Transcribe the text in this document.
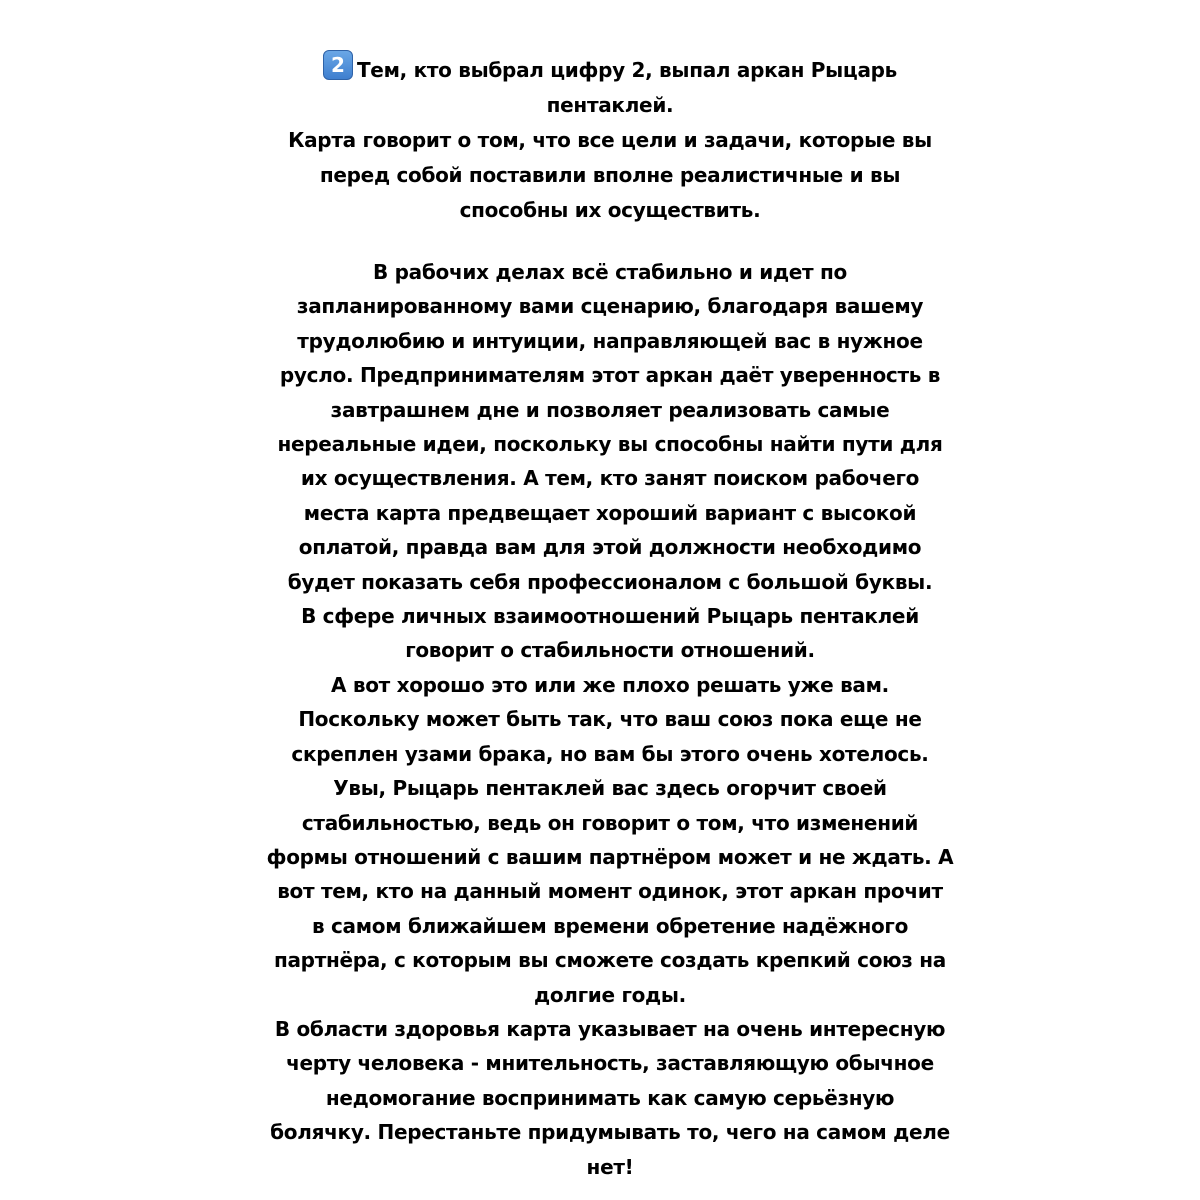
2 Тем, кто выбрал цифру 2, выпал аркан Рыцарь
пентаклей.
Карта говорит о том, что все цели и задачи, которые вы
перед собой поставили вполне реалистичные и вы
способны их осуществить.

В рабочих делах всё стабильно и идет по
запланированному вами сценарию, благодаря вашему
трудолюбию и интуиции, направляющей вас в нужное
русло. Предпринимателям этот аркан даёт уверенность в
завтрашнем дне и позволяет реализовать самые
нереальные идеи, поскольку вы способны найти пути для
их осуществления. А тем, кто занят поиском рабочего
места карта предвещает хороший вариант с высокой
оплатой, правда вам для этой должности необходимо
будет показать себя профессионалом с большой буквы.
В сфере личных взаимоотношений Рыцарь пентаклей
говорит о стабильности отношений.
А вот хорошо это или же плохо решать уже вам.
Поскольку может быть так, что ваш союз пока еще не
скреплен узами брака, но вам бы этого очень хотелось.
Увы, Рыцарь пентаклей вас здесь огорчит своей
стабильностью, ведь он говорит о том, что изменений
формы отношений с вашим партнёром может и не ждать. А
вот тем, кто на данный момент одинок, этот аркан прочит
в самом ближайшем времени обретение надёжного
партнёра, с которым вы сможете создать крепкий союз на
долгие годы.
В области здоровья карта указывает на очень интересную
черту человека - мнительность, заставляющую обычное
недомогание воспринимать как самую серьёзную
болячку. Перестаньте придумывать то, чего на самом деле
нет!
